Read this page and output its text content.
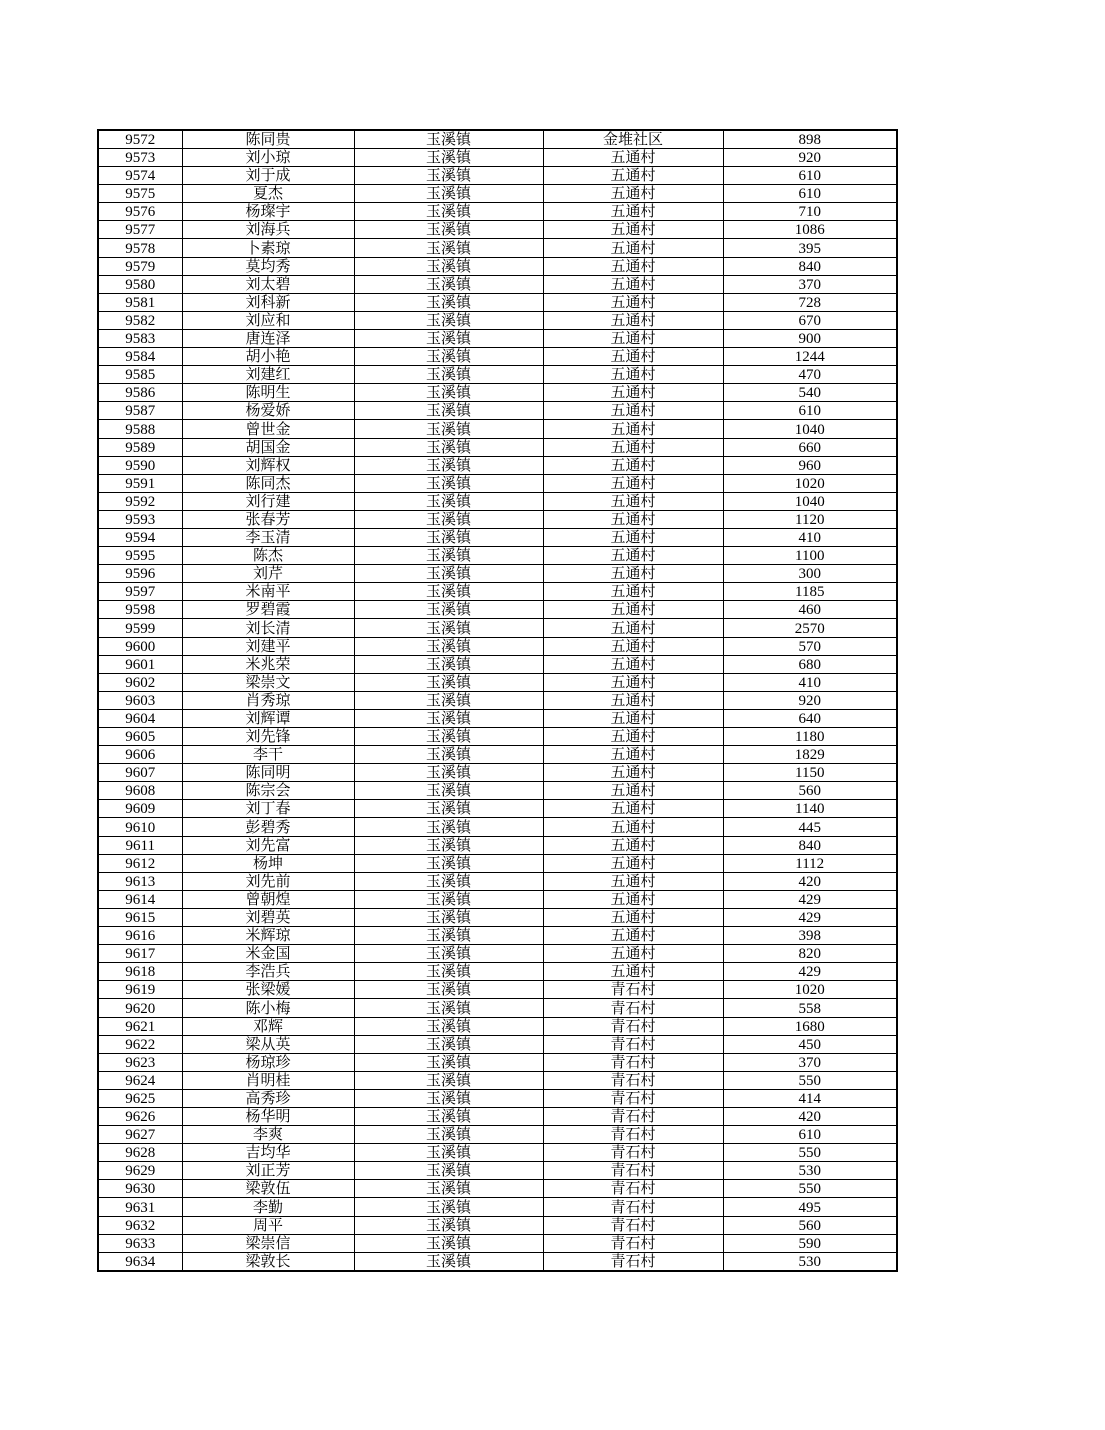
9572	陈同贵	玉溪镇	金堆社区	898
9573	刘小琼	玉溪镇	五通村	920
9574	刘于成	玉溪镇	五通村	610
9575	夏杰	玉溪镇	五通村	610
9576	杨璨宇	玉溪镇	五通村	710
9577	刘海兵	玉溪镇	五通村	1086
9578	卜素琼	玉溪镇	五通村	395
9579	莫均秀	玉溪镇	五通村	840
9580	刘太碧	玉溪镇	五通村	370
9581	刘科新	玉溪镇	五通村	728
9582	刘应和	玉溪镇	五通村	670
9583	唐连泽	玉溪镇	五通村	900
9584	胡小艳	玉溪镇	五通村	1244
9585	刘建红	玉溪镇	五通村	470
9586	陈明生	玉溪镇	五通村	540
9587	杨爱娇	玉溪镇	五通村	610
9588	曾世金	玉溪镇	五通村	1040
9589	胡国金	玉溪镇	五通村	660
9590	刘辉权	玉溪镇	五通村	960
9591	陈同杰	玉溪镇	五通村	1020
9592	刘行建	玉溪镇	五通村	1040
9593	张春芳	玉溪镇	五通村	1120
9594	李玉清	玉溪镇	五通村	410
9595	陈杰	玉溪镇	五通村	1100
9596	刘芹	玉溪镇	五通村	300
9597	米南平	玉溪镇	五通村	1185
9598	罗碧霞	玉溪镇	五通村	460
9599	刘长清	玉溪镇	五通村	2570
9600	刘建平	玉溪镇	五通村	570
9601	米兆荣	玉溪镇	五通村	680
9602	梁崇文	玉溪镇	五通村	410
9603	肖秀琼	玉溪镇	五通村	920
9604	刘辉谭	玉溪镇	五通村	640
9605	刘先锋	玉溪镇	五通村	1180
9606	李干	玉溪镇	五通村	1829
9607	陈同明	玉溪镇	五通村	1150
9608	陈宗会	玉溪镇	五通村	560
9609	刘丁春	玉溪镇	五通村	1140
9610	彭碧秀	玉溪镇	五通村	445
9611	刘先富	玉溪镇	五通村	840
9612	杨坤	玉溪镇	五通村	1112
9613	刘先前	玉溪镇	五通村	420
9614	曾朝煌	玉溪镇	五通村	429
9615	刘碧英	玉溪镇	五通村	429
9616	米辉琼	玉溪镇	五通村	398
9617	米金国	玉溪镇	五通村	820
9618	李浩兵	玉溪镇	五通村	429
9619	张梁媛	玉溪镇	青石村	1020
9620	陈小梅	玉溪镇	青石村	558
9621	邓辉	玉溪镇	青石村	1680
9622	梁从英	玉溪镇	青石村	450
9623	杨琼珍	玉溪镇	青石村	370
9624	肖明桂	玉溪镇	青石村	550
9625	高秀珍	玉溪镇	青石村	414
9626	杨华明	玉溪镇	青石村	420
9627	李爽	玉溪镇	青石村	610
9628	吉均华	玉溪镇	青石村	550
9629	刘正芳	玉溪镇	青石村	530
9630	梁敦伍	玉溪镇	青石村	550
9631	李勤	玉溪镇	青石村	495
9632	周平	玉溪镇	青石村	560
9633	梁崇信	玉溪镇	青石村	590
9634	梁敦长	玉溪镇	青石村	530
